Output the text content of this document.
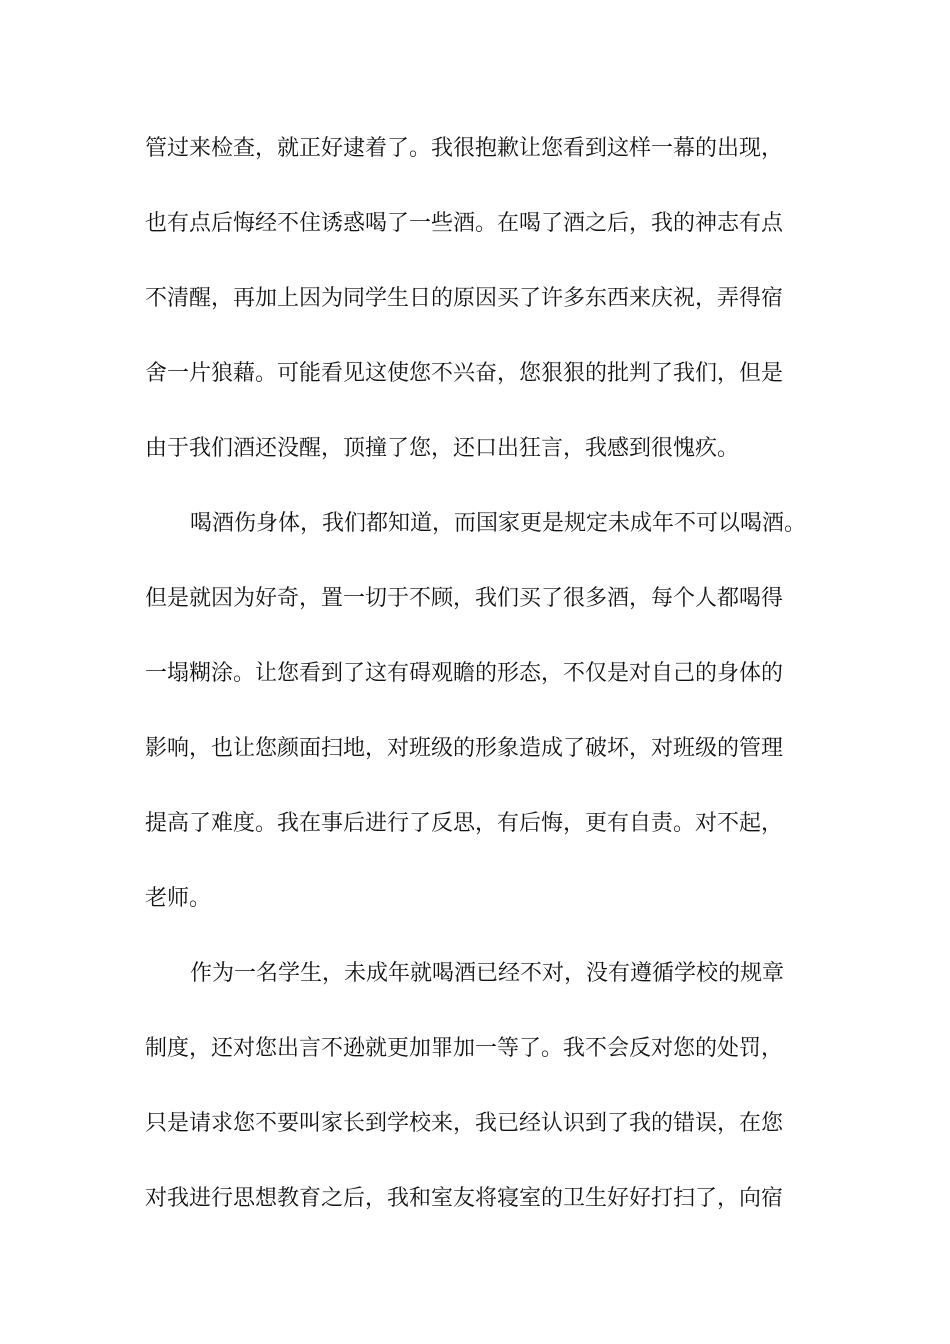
管过来检查，就正好逮着了。我很抱歉让您看到这样一幕的出现，
也有点后悔经不住诱惑喝了一些酒。在喝了酒之后，我的神志有点
不清醒，再加上因为同学生日的原因买了许多东西来庆祝，弄得宿
舍一片狼藉。可能看见这使您不兴奋，您狠狠的批判了我们，但是
由于我们酒还没醒，顶撞了您，还口出狂言，我感到很愧疚。
喝酒伤身体，我们都知道，而国家更是规定未成年不可以喝酒。
但是就因为好奇，置一切于不顾，我们买了很多酒，每个人都喝得
一塌糊涂。让您看到了这有碍观瞻的形态，不仅是对自己的身体的
影响，也让您颜面扫地，对班级的形象造成了破坏，对班级的管理
提高了难度。我在事后进行了反思，有后悔，更有自责。对不起，
老师。
作为一名学生，未成年就喝酒已经不对，没有遵循学校的规章
制度，还对您出言不逊就更加罪加一等了。我不会反对您的处罚，
只是请求您不要叫家长到学校来，我已经认识到了我的错误，在您
对我进行思想教育之后，我和室友将寝室的卫生好好打扫了，向宿
